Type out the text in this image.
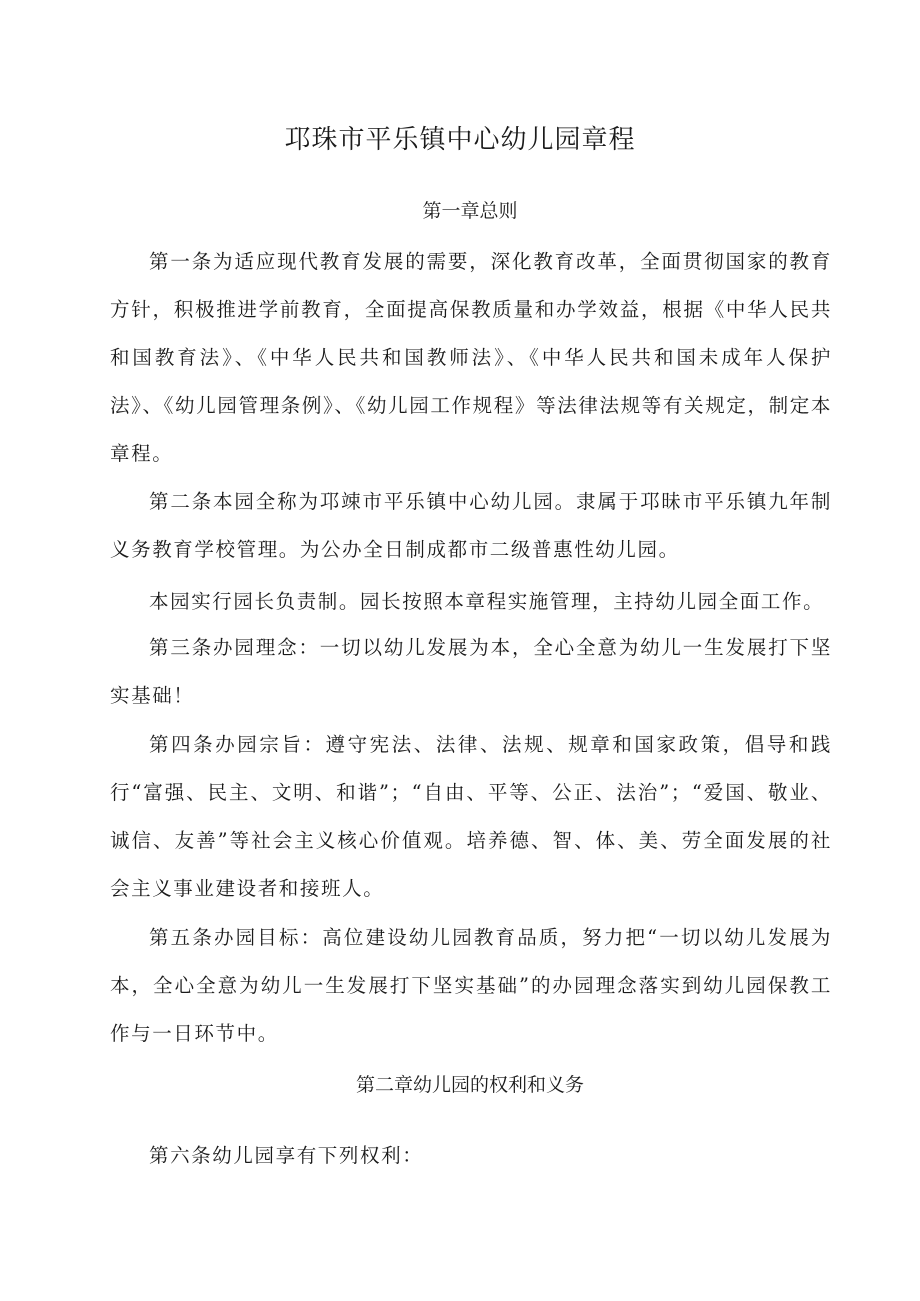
邛珠市平乐镇中心幼儿园章程
第一章总则

第一条为适应现代教育发展的需要，深化教育改革，全面贯彻国家的教育方针，积极推进学前教育，全面提高保教质量和办学效益，根据《中华人民共和国教育法》、《中华人民共和国教师法》、《中华人民共和国未成年人保护法》、《幼儿园管理条例》、《幼儿园工作规程》等法律法规等有关规定，制定本章程。

第二条本园全称为邛竦市平乐镇中心幼儿园。隶属于邛昧市平乐镇九年制义务教育学校管理。为公办全日制成都市二级普惠性幼儿园。

本园实行园长负责制。园长按照本章程实施管理，主持幼儿园全面工作。

第三条办园理念：一切以幼儿发展为本，全心全意为幼儿一生发展打下坚实基础！

第四条办园宗旨：遵守宪法、法律、法规、规章和国家政策，倡导和践行“富强、民主、文明、和谐”；“自由、平等、公正、法治”；“爱国、敬业、诚信、友善”等社会主义核心价值观。培养德、智、体、美、劳全面发展的社会主义事业建设者和接班人。

第五条办园目标：高位建设幼儿园教育品质，努力把“一切以幼儿发展为本，全心全意为幼儿一生发展打下坚实基础”的办园理念落实到幼儿园保教工作与一日环节中。

第二章幼儿园的权利和义务

第六条幼儿园享有下列权利：
